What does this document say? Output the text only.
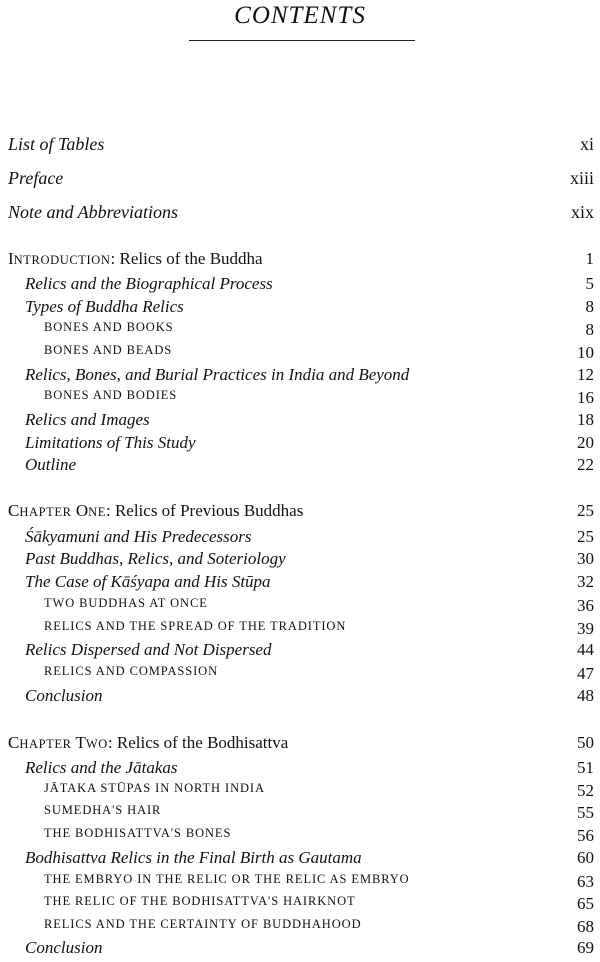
CONTENTS
List of Tables	xi
Preface	xiii
Note and Abbreviations	xix
INTRODUCTION: Relics of the Buddha	1
Relics and the Biographical Process	5
Types of Buddha Relics	8
BONES AND BOOKS	8
BONES AND BEADS	10
Relics, Bones, and Burial Practices in India and Beyond	12
BONES AND BODIES	16
Relics and Images	18
Limitations of This Study	20
Outline	22
CHAPTER ONE: Relics of Previous Buddhas	25
Śākyamuni and His Predecessors	25
Past Buddhas, Relics, and Soteriology	30
The Case of Kāśyapa and His Stūpa	32
TWO BUDDHAS AT ONCE	36
RELICS AND THE SPREAD OF THE TRADITION	39
Relics Dispersed and Not Dispersed	44
RELICS AND COMPASSION	47
Conclusion	48
CHAPTER TWO: Relics of the Bodhisattva	50
Relics and the Jātakas	51
JĀTAKA STŪPAS IN NORTH INDIA	52
SUMEDHA'S HAIR	55
THE BODHISATTVA'S BONES	56
Bodhisattva Relics in the Final Birth as Gautama	60
THE EMBRYO IN THE RELIC OR THE RELIC AS EMBRYO	63
THE RELIC OF THE BODHISATTVA'S HAIRKNOT	65
RELICS AND THE CERTAINTY OF BUDDHAHOOD	68
Conclusion	69
